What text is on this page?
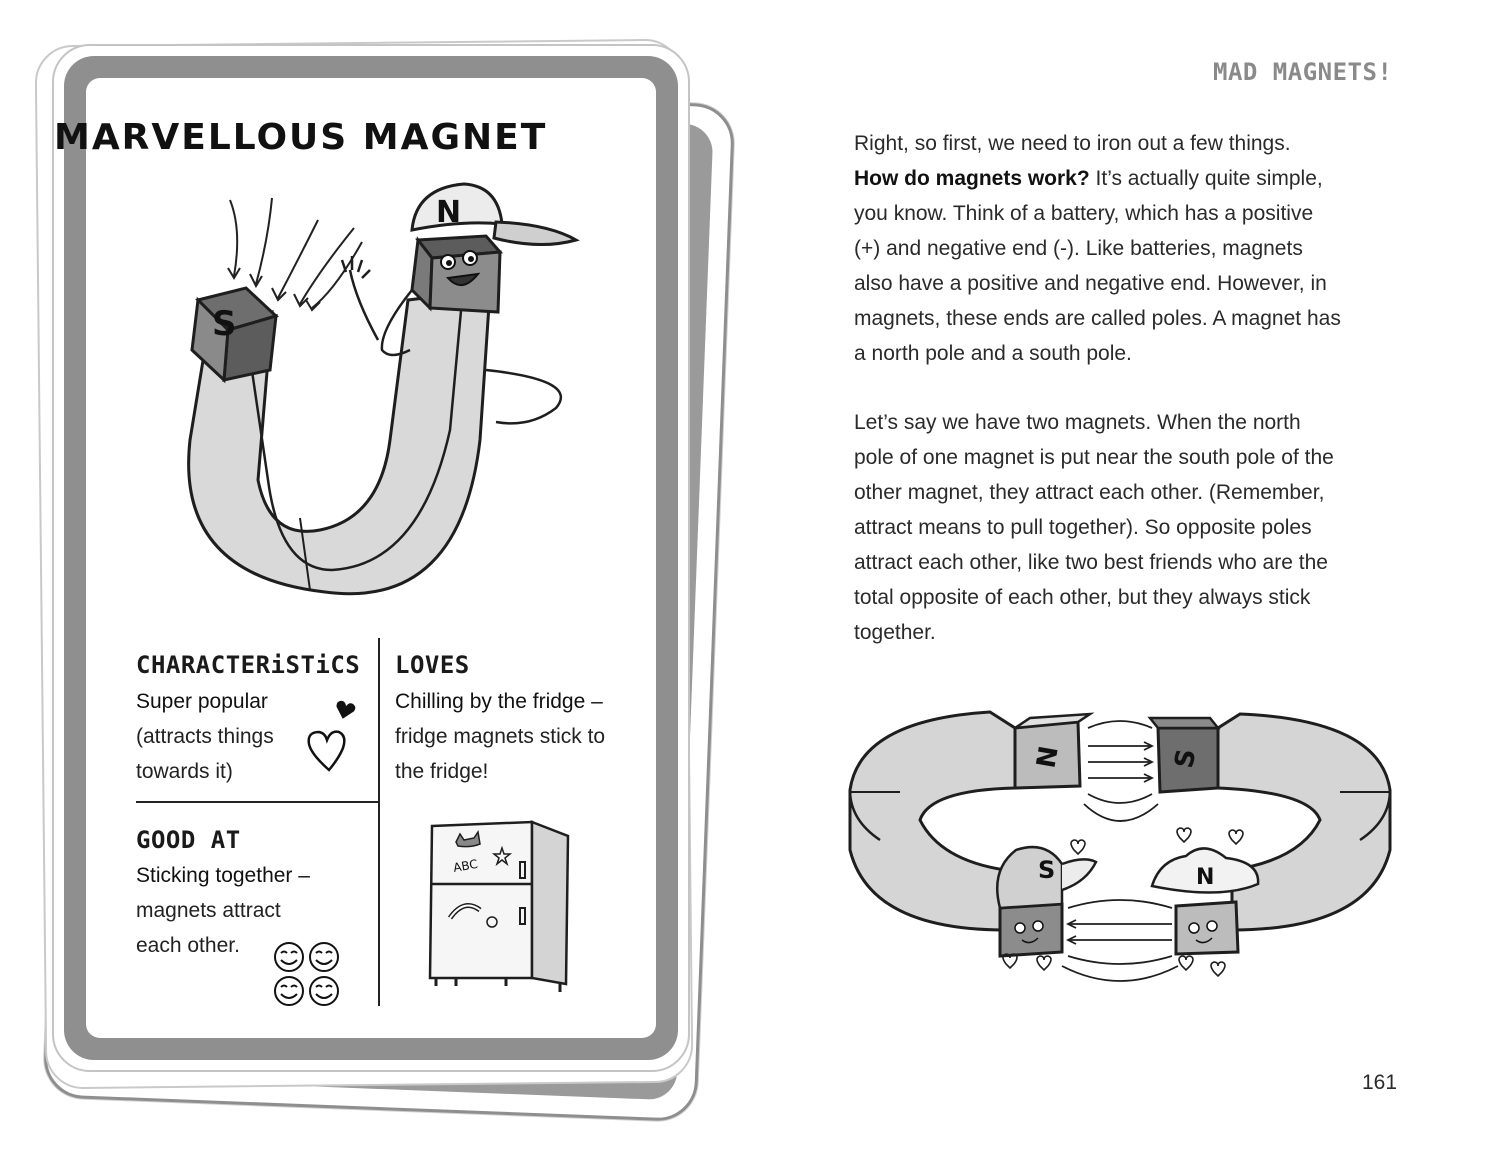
MARVELLOUS MAGNET
S
N
CHARACTERiSTiCS
Super popular
(attracts things
towards it)
LOVES
Chilling by the fridge –
fridge magnets stick to
the fridge!
GOOD AT
Sticking together –
magnets attract
each other.
ABC
MAD MAGNETS!
Right, so first, we need to iron out a few things.
How do magnets work? It’s actually quite simple,
you know. Think of a battery, which has a positive
(+) and negative end (-). Like batteries, magnets
also have a positive and negative end. However, in
magnets, these ends are called poles. A magnet has
a north pole and a south pole.
Let’s say we have two magnets. When the north
pole of one magnet is put near the south pole of the
other magnet, they attract each other. (Remember,
attract means to pull together). So opposite poles
attract each other, like two best friends who are the
total opposite of each other, but they always stick
together.
N	S
S	N
161
